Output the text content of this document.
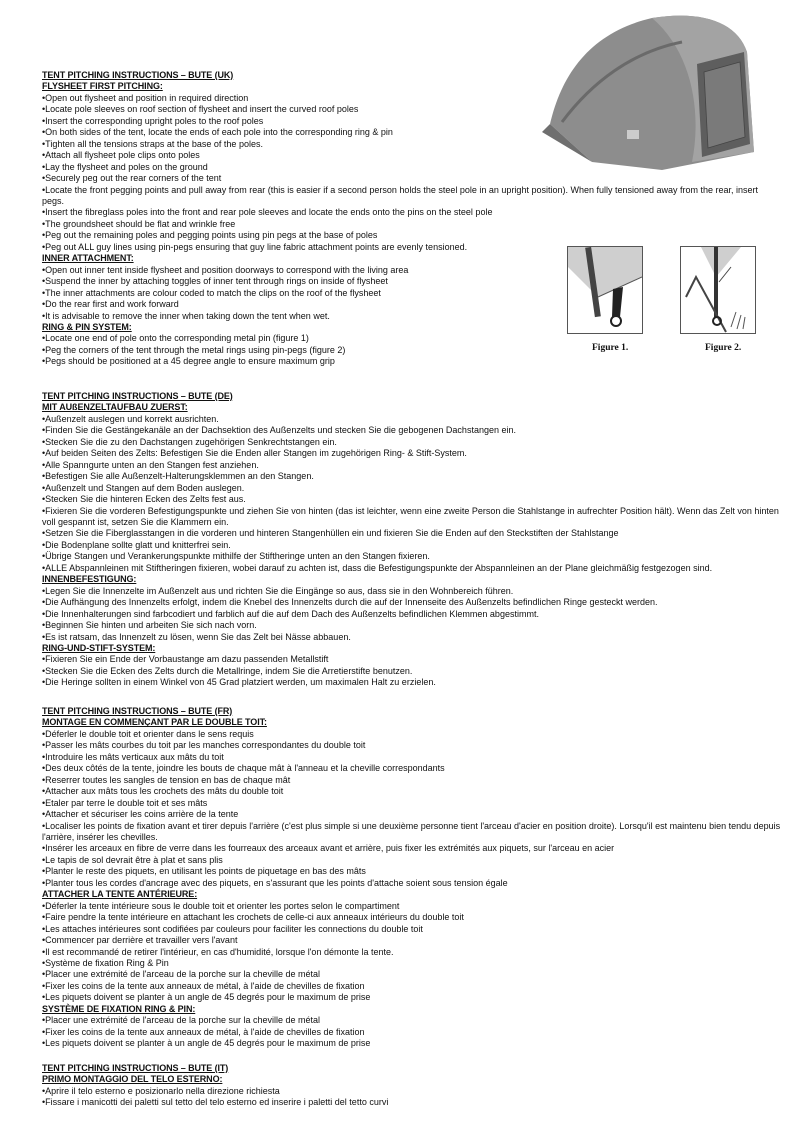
Figure 1.	Figure 2.
TENT PITCHING INSTRUCTIONS – BUTE (UK)
FLYSHEET FIRST PITCHING:
• Open out flysheet and position in required direction
• Locate pole sleeves on roof section of flysheet and insert the curved roof poles
• Insert the corresponding upright poles to the roof poles
• On both sides of the tent, locate the ends of each pole into the corresponding ring & pin
• Tighten all the tensions straps at the base of the poles.
• Attach all flysheet pole clips onto poles
• Lay the flysheet and poles on the ground
• Securely peg out the rear corners of the tent
• Locate the front pegging points and pull away from rear (this is easier if a second person holds the steel pole in an upright position). When fully tensioned away from the rear, insert pegs.
• Insert the fibreglass poles into the front and rear pole sleeves and locate the ends onto the pins on the steel pole
• The groundsheet should be flat and wrinkle free
• Peg out the remaining poles and pegging points using pin pegs at the base of poles
• Peg out ALL guy lines using pin-pegs ensuring that guy line fabric attachment points are evenly tensioned.
INNER ATTACHMENT:
• Open out inner tent inside flysheet and position doorways to correspond with the living area
• Suspend the inner by attaching toggles of inner tent through rings on inside of flysheet
• The inner attachments are colour coded to match the clips on the roof of the flysheet
• Do the rear first and work forward
• It is advisable to remove the inner when taking down the tent when wet.
RING & PIN SYSTEM:
• Locate one end of pole onto the corresponding metal pin (figure 1)
• Peg the corners of the tent through the metal rings using pin-pegs (figure 2)
• Pegs should be positioned at a 45 degree angle to ensure maximum grip
TENT PITCHING INSTRUCTIONS – BUTE (DE)
MIT AUßENZELTAUFBAU ZUERST:
• Außenzelt auslegen und korrekt ausrichten.
• Finden Sie die Gestängekanäle an der Dachsektion des Außenzelts und stecken Sie die gebogenen Dachstangen ein.
• Stecken Sie die zu den Dachstangen zugehörigen Senkrechtstangen ein.
• Auf beiden Seiten des Zelts: Befestigen Sie die Enden aller Stangen im zugehörigen Ring- & Stift-System.
• Alle Spanngurte unten an den Stangen fest anziehen.
• Befestigen Sie alle Außenzelt-Halterungsklemmen an den Stangen.
• Außenzelt und Stangen auf dem Boden auslegen.
• Stecken Sie die hinteren Ecken des Zelts fest aus.
• Fixieren Sie die vorderen Befestigungspunkte und ziehen Sie von hinten (das ist leichter, wenn eine zweite Person die Stahlstange in aufrechter Position hält). Wenn das Zelt von hinten voll gespannt ist, setzen Sie die Klammern ein.
• Setzen Sie die Fiberglasstangen in die vorderen und hinteren Stangenhüllen ein und fixieren Sie die Enden auf den Steckstiften der Stahlstange
• Die Bodenplane sollte glatt und knitterfrei sein.
• Übrige Stangen und Verankerungspunkte mithilfe der Stiftheringe unten an den Stangen fixieren.
• ALLE Abspannleinen mit Stiftheringen fixieren, wobei darauf zu achten ist, dass die Befestigungspunkte der Abspannleinen an der Plane gleichmäßig festgezogen sind.
INNENBEFESTIGUNG:
• Legen Sie die Innenzelte im Außenzelt aus und richten Sie die Eingänge so aus, dass sie in den Wohnbereich führen.
• Die Aufhängung des Innenzelts erfolgt, indem die Knebel des Innenzelts durch die auf der Innenseite des Außenzelts befindlichen Ringe gesteckt werden.
• Die Innenhalterungen sind farbcodiert und farblich auf die auf dem Dach des Außenzelts befindlichen Klemmen abgestimmt.
• Beginnen Sie hinten und arbeiten Sie sich nach vorn.
• Es ist ratsam, das Innenzelt zu lösen, wenn Sie das Zelt bei Nässe abbauen.
RING-UND-STIFT-SYSTEM:
• Fixieren Sie ein Ende der Vorbaustange am dazu passenden Metallstift
• Stecken Sie die Ecken des Zelts durch die Metallringe, indem Sie die Arretierstifte benutzen.
• Die Heringe sollten in einem Winkel von 45 Grad platziert werden, um maximalen Halt zu erzielen.
TENT PITCHING INSTRUCTIONS – BUTE (FR)
MONTAGE EN COMMENÇANT PAR LE DOUBLE TOIT:
• Déferler le double toit et orienter dans le sens requis
• Passer les mâts courbes du toit par les manches correspondantes du double toit
• Introduire les mâts verticaux aux mâts du toit
• Des deux côtés de la tente, joindre les bouts de chaque mât à l'anneau et la cheville correspondants
• Reserrer toutes les sangles de tension en bas de chaque mât
• Attacher aux mâts tous les crochets des mâts du double toit
• Etaler par terre le double toit et ses mâts
• Attacher et sécuriser les coins arrière de la tente
• Localiser les points de fixation avant et tirer depuis l'arrière (c'est plus simple si une deuxième personne tient l'arceau d'acier en position droite). Lorsqu'il est maintenu bien tendu depuis l'arrière, insérer les chevilles.
• Insérer les arceaux en fibre de verre dans les fourreaux des arceaux avant et arrière, puis fixer les extrémités aux piquets, sur l'arceau en acier
• Le tapis de sol devrait être à plat et sans plis
• Planter le reste des piquets, en utilisant les points de piquetage en bas des mâts
• Planter tous les cordes d'ancrage avec des piquets, en s'assurant que les points d'attache soient sous tension égale
ATTACHER LA TENTE ANTÉRIEURE:
• Déferler la tente intérieure sous le double toit et orienter les portes selon le compartiment
• Faire pendre la tente intérieure en attachant les crochets de celle-ci aux anneaux intérieurs du double toit
• Les attaches intérieures sont codifiées par couleurs pour faciliter les connections du double toit
• Commencer par derrière et travailler vers l'avant
• Il est recommandé de retirer l'intérieur, en cas d'humidité, lorsque l'on démonte la tente.
• Système de fixation Ring & Pin
• Placer une extrémité de l'arceau de la porche sur la cheville de métal
• Fixer les coins de la tente aux anneaux de métal, à l'aide de chevilles de fixation
• Les piquets doivent se planter à un angle de 45 degrés pour le maximum de prise
SYSTÈME DE FIXATION RING & PIN:
• Placer une extrémité de l'arceau de la porche sur la cheville de métal
• Fixer les coins de la tente aux anneaux de métal, à l'aide de chevilles de fixation
• Les piquets doivent se planter à un angle de 45 degrés pour le maximum de prise
TENT PITCHING INSTRUCTIONS – BUTE (IT)
PRIMO MONTAGGIO DEL TELO ESTERNO:
• Aprire il telo esterno e posizionarlo nella direzione richiesta
• Fissare i manicotti dei paletti sul tetto del telo esterno ed inserire i paletti del tetto curvi
